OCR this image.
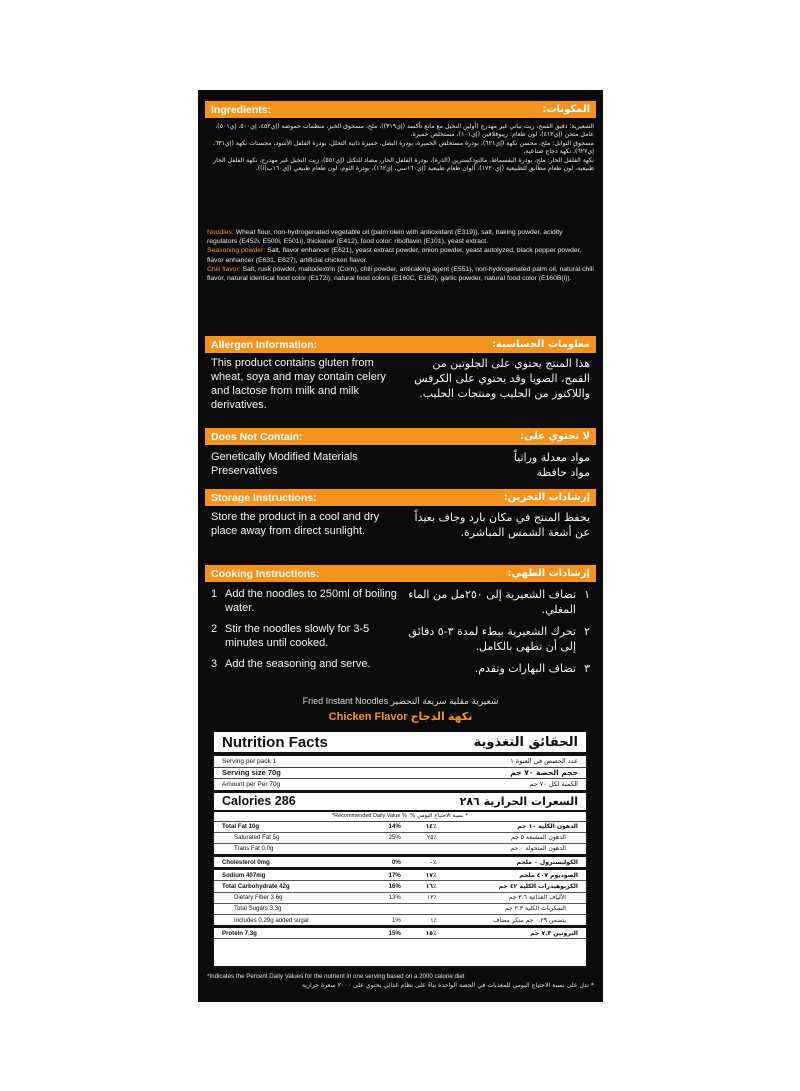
Ingredients:	المكونات:

الشعيرية: دقيق القمح، زيت نباتي غير مهدرج (أولين النخيل مع مانع تأكسد (إي٣١٩))، ملح، مسحوق الخبز، منظمات حموضة (إي٤٥٢، إي٥٠٠، إي٥٠١)، عامل مثخن (إي٤١٢)، لون طعام: ريبوفلافين (إي١٠١)، مستخلص خميرة.

مسحوق التوابل: ملح، محسن نكهة (إي٦٢١)، بودرة مستخلص الخميرة، بودرة البصل، خميرة ذاتية التحلل، بودرة الفلفل الأسود، محسنات نكهة (إي٦٣١، إي٦٢٧)، نكهة دجاج صناعية.

نكهة الفلفل الحار: ملح، بودرة البقسماط، مالتودكسترين (الذرة)، بودرة الفلفل الحار، مضاد للتكتل (إي٥٥١)، زيت النخيل غير مهدرج، نكهة الفلفل الحار طبيعية، لون طعام مطابق للطبيعية (إي١٧٢٠)، ألوان طعام طبيعية (إي١٦٠سي، إي١٦٢)، بودرة الثوم، لون طعام طبيعي (إي١٦٠ب(i)).

Noodles: Wheat flour, non-hydrogenated vegetable oil (palm olein with antioxidant (E319)), salt, baking powder, acidity regulators (E452i, E500i, E501i), thickener (E412), food color: riboflavin (E101), yeast extract.

Seasoning powder: Salt, flavor enhancer (E621), yeast extract powder, onion powder, yeast autolyzed, black pepper powder, flavor enhancer (E631, E627), artificial chicken flavor.

Chili flavor: Salt, rusk powder, maltodextrin (Corn), chili powder, anticaking agent (E551), non-hydrogenated palm oil, natural chili flavor, natural identical food color (E172i), natural food colors (E160C, E162), garlic powder, natural food color (E160B(i)).

Allergen Information:	معلومات الحساسية:
This product contains gluten from wheat, soya and may contain celery and lactose from milk and milk derivatives.
هذا المنتج يحتوي على الجلوتين من القمح، الصويا وقد يحتوي على الكرفس واللاكتوز من الحليب ومنتجات الحليب.
Does Not Contain:	لا تحتوي على:
Genetically Modified Materials
Preservatives
مواد معدلة وراثياً
مواد حافظة
Storage Instructions:	إرشادات التخزين:
Store the product in a cool and dry place away from direct sunlight.
يحفظ المنتج في مكان بارد وجاف بعيداً عن أشعة الشمس المباشرة.
Cooking Instructions:	إرشادات الطهي:
1 Add the noodles to 250ml of boiling water.
2 Stir the noodles slowly for 3-5 minutes until cooked.
3 Add the seasoning and serve.
١
تضاف الشعيرية إلى ٢٥٠مل من الماء المغلي.
٢
تحرك الشعيرية ببطء لمدة ٣-٥ دقائق إلى أن تطهى بالكامل.
٣
تضاف البهارات وتقدم.
Fried Instant Noodles شعيرية مقلية سريعة التحضير
Chicken Flavor نكهة الدجاج
Nutrition Facts	الحقائق التغذوية
Serving per pack 1	عدد الحصص في العبوة ١
Serving size 70g	حجم الحصة ٧٠ جم
Amount per Per 70g	الكمية لكل ٧٠ جم
Calories 286	السعرات الحرارية ٢٨٦
*Recommended Daily Value % * نسبة الاحتياج اليومي %
Total Fat 10g	14%	٪١٤	الدهون الكلية ١٠ جم
Saturated Fat 5g	25%	٪٢٥	الدهون المشبعة ٥ جم
Trans Fat 0.0g			الدهون المتحولة ٠ جم
Cholesterol 0mg	0%	٪٠	الكوليسترول ٠ ملجم
Sodium 407mg	17%	٪١٧	الصوديوم ٤٠٧ ملجم
Total Carbohydrate 42g	16%	٪١٦	الكربوهيدرات الكلية ٤٢ جم
Dietary Fiber 3.6g	13%	٪١٣	الألياف الغذائية ٣.٦ جم
Total Sugars 3.3g			السكريات الكلية ٣.٣ جم
Includes 0.29g added sugar	1%	٪١	يتضمن ٠.٢٩ جم سكر مضاف
Protein 7.3g	15%	٪١٥	البروتين ٧.٣ جم
*Indicates the Percent Daily Values for the nutrient in one serving based on a 2000 calorie diet
* تدل على نسبة الاحتياج اليومي للمغذيات في الحصة الواحدة بناءً على نظام غذائي يحتوي على ٢٠٠٠ سعرة حرارية
